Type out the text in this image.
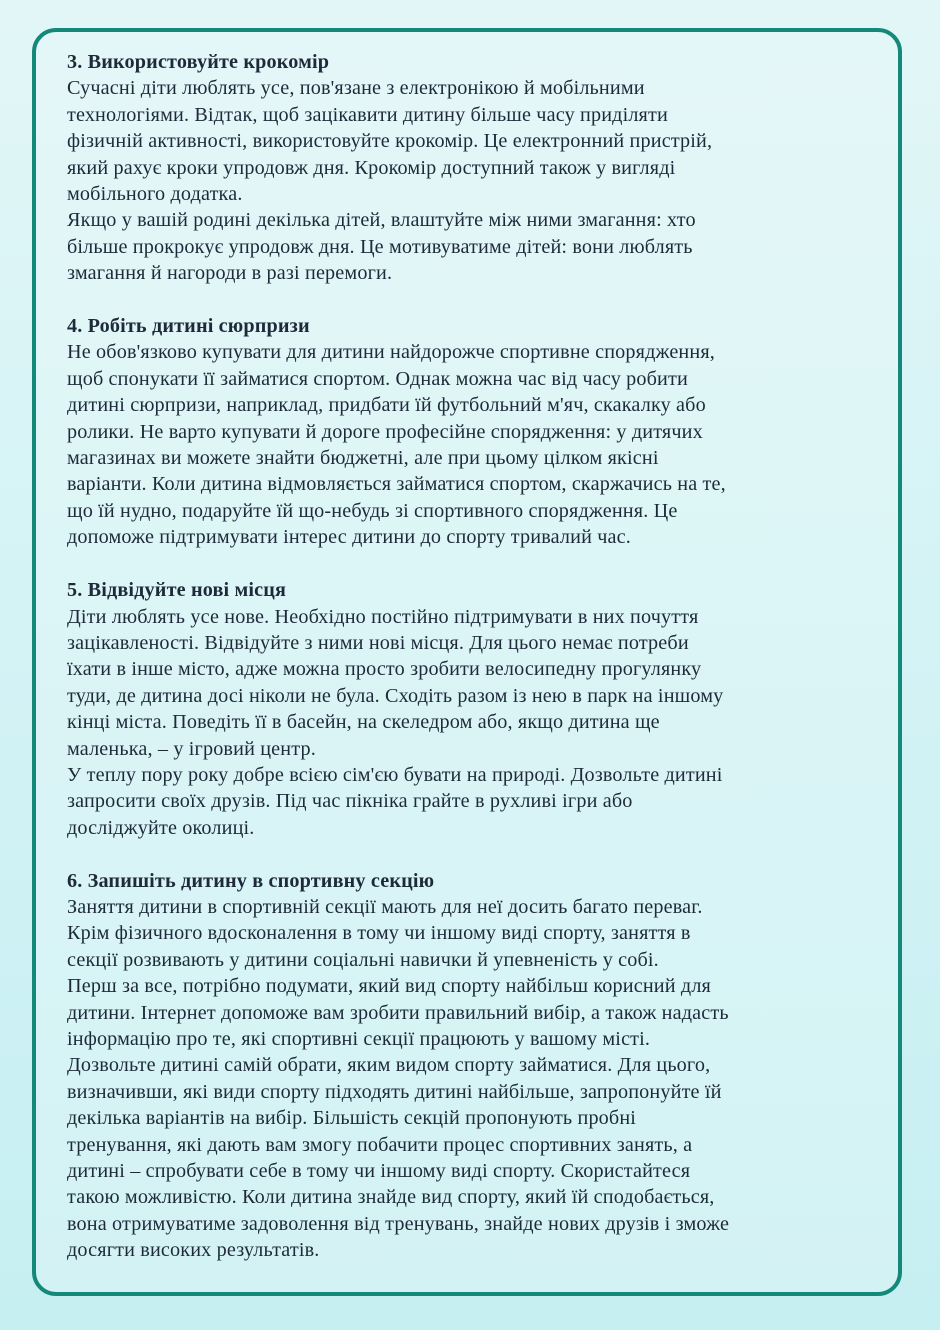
3. Використовуйте крокомір
Сучасні діти люблять усе, пов'язане з електронікою й мобільними
технологіями. Відтак, щоб зацікавити дитину більше часу приділяти
фізичній активності, використовуйте крокомір. Це електронний пристрій,
який рахує кроки упродовж дня. Крокомір доступний також у вигляді
мобільного додатка.
Якщо у вашій родині декілька дітей, влаштуйте між ними змагання: хто
більше прокрокує упродовж дня. Це мотивуватиме дітей: вони люблять
змагання й нагороди в разі перемоги.
4. Робіть дитині сюрпризи
Не обов'язково купувати для дитини найдорожче спортивне спорядження,
щоб спонукати її займатися спортом. Однак можна час від часу робити
дитині сюрпризи, наприклад, придбати їй футбольний м'яч, скакалку або
ролики. Не варто купувати й дороге професійне спорядження: у дитячих
магазинах ви можете знайти бюджетні, але при цьому цілком якісні
варіанти. Коли дитина відмовляється займатися спортом, скаржачись на те,
що їй нудно, подаруйте їй що-небудь зі спортивного спорядження. Це
допоможе підтримувати інтерес дитини до спорту тривалий час.
5. Відвідуйте нові місця
Діти люблять усе нове. Необхідно постійно підтримувати в них почуття
зацікавленості. Відвідуйте з ними нові місця. Для цього немає потреби
їхати в інше місто, адже можна просто зробити велосипедну прогулянку
туди, де дитина досі ніколи не була. Сходіть разом із нею в парк на іншому
кінці міста. Поведіть її в басейн, на скеледром або, якщо дитина ще
маленька, – у ігровий центр.
У теплу пору року добре всією сім'єю бувати на природі. Дозвольте дитині
запросити своїх друзів. Під час пікніка грайте в рухливі ігри або
досліджуйте околиці.
6. Запишіть дитину в спортивну секцію
Заняття дитини в спортивній секції мають для неї досить багато переваг.
Крім фізичного вдосконалення в тому чи іншому виді спорту, заняття в
секції розвивають у дитини соціальні навички й упевненість у собі.
Перш за все, потрібно подумати, який вид спорту найбільш корисний для
дитини. Інтернет допоможе вам зробити правильний вибір, а також надасть
інформацію про те, які спортивні секції працюють у вашому місті.
Дозвольте дитині самій обрати, яким видом спорту займатися. Для цього,
визначивши, які види спорту підходять дитині найбільше, запропонуйте їй
декілька варіантів на вибір. Більшість секцій пропонують пробні
тренування, які дають вам змогу побачити процес спортивних занять, а
дитині – спробувати себе в тому чи іншому виді спорту. Скористайтеся
такою можливістю. Коли дитина знайде вид спорту, який їй сподобається,
вона отримуватиме задоволення від тренувань, знайде нових друзів і зможе
досягти високих результатів.
